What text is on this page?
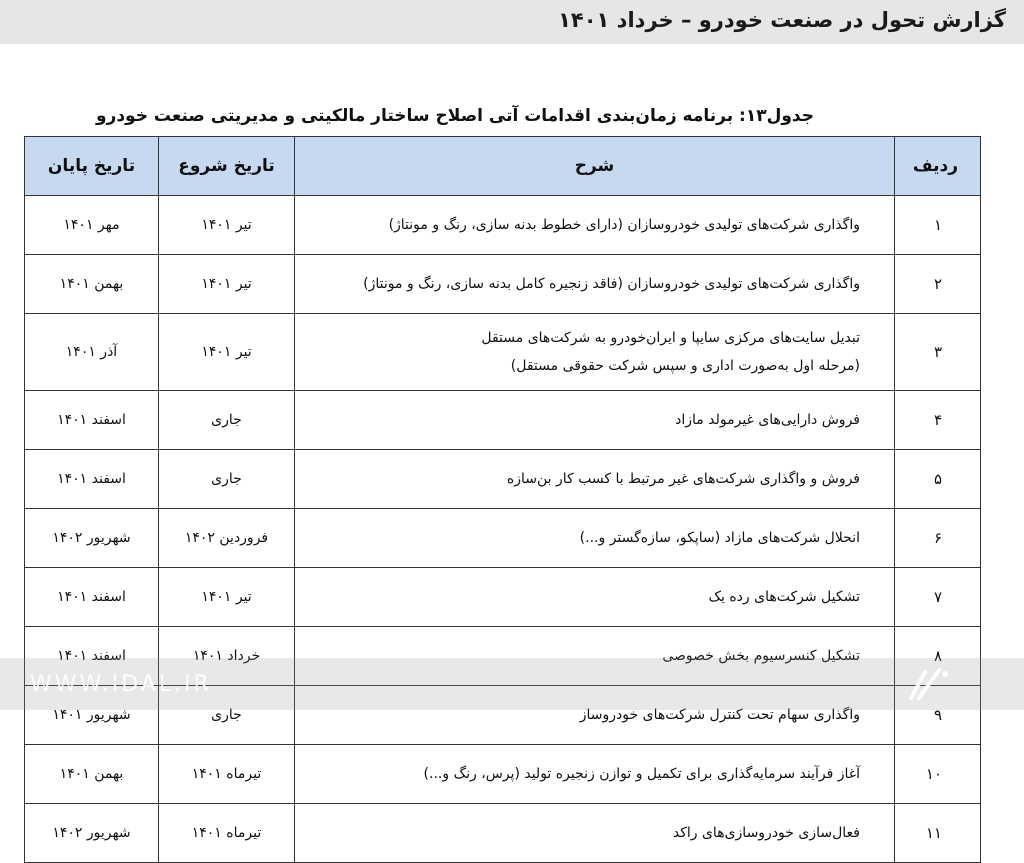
گزارش تحول در صنعت خودرو – خرداد ۱۴۰۱
جدول۱۳: برنامه زمان‌بندی اقدامات آتی اصلاح ساختار مالکیتی و مدیریتی صنعت خودرو
ردیف	شرح	تاریخ شروع	تاریخ پایان
۱	واگذاری شرکت‌های تولیدی خودروسازان (دارای خطوط بدنه سازی، رنگ و مونتاژ)	تیر ۱۴۰۱	مهر ۱۴۰۱
۲	واگذاری شرکت‌های تولیدی خودروسازان (فاقد زنجیره کامل بدنه سازی، رنگ و مونتاژ)	تیر ۱۴۰۱	بهمن ۱۴۰۱
۳	تبدیل سایت‌های مرکزی سایپا و ایران‌خودرو به شرکت‌های مستقل
(مرحله اول به‌صورت اداری و سپس شرکت حقوقی مستقل)	تیر ۱۴۰۱	آذر ۱۴۰۱
۴	فروش دارایی‌های غیرمولد مازاد	جاری	اسفند ۱۴۰۱
۵	فروش و واگذاری شرکت‌های غیر مرتبط با کسب کار بن‌سازه	جاری	اسفند ۱۴۰۱
۶	انحلال شرکت‌های مازاد (ساپکو، سازه‌گستر و...)	فروردین ۱۴۰۲	شهریور ۱۴۰۲
۷	تشکیل شرکت‌های رده یک	تیر ۱۴۰۱	اسفند ۱۴۰۱
۸	تشکیل کنسرسیوم بخش خصوصی	خرداد ۱۴۰۱	اسفند ۱۴۰۱
۹	واگذاری سهام تحت کنترل شرکت‌های خودروساز	جاری	شهریور ۱۴۰۱
۱۰	آغاز فرآیند سرمایه‌گذاری برای تکمیل و توازن زنجیره تولید (پرس، رنگ و...)	تیرماه ۱۴۰۱	بهمن ۱۴۰۱
۱۱	فعال‌سازی خودروسازی‌های راکد	تیرماه ۱۴۰۱	شهریور ۱۴۰۲
WWW.IDAL.IR
